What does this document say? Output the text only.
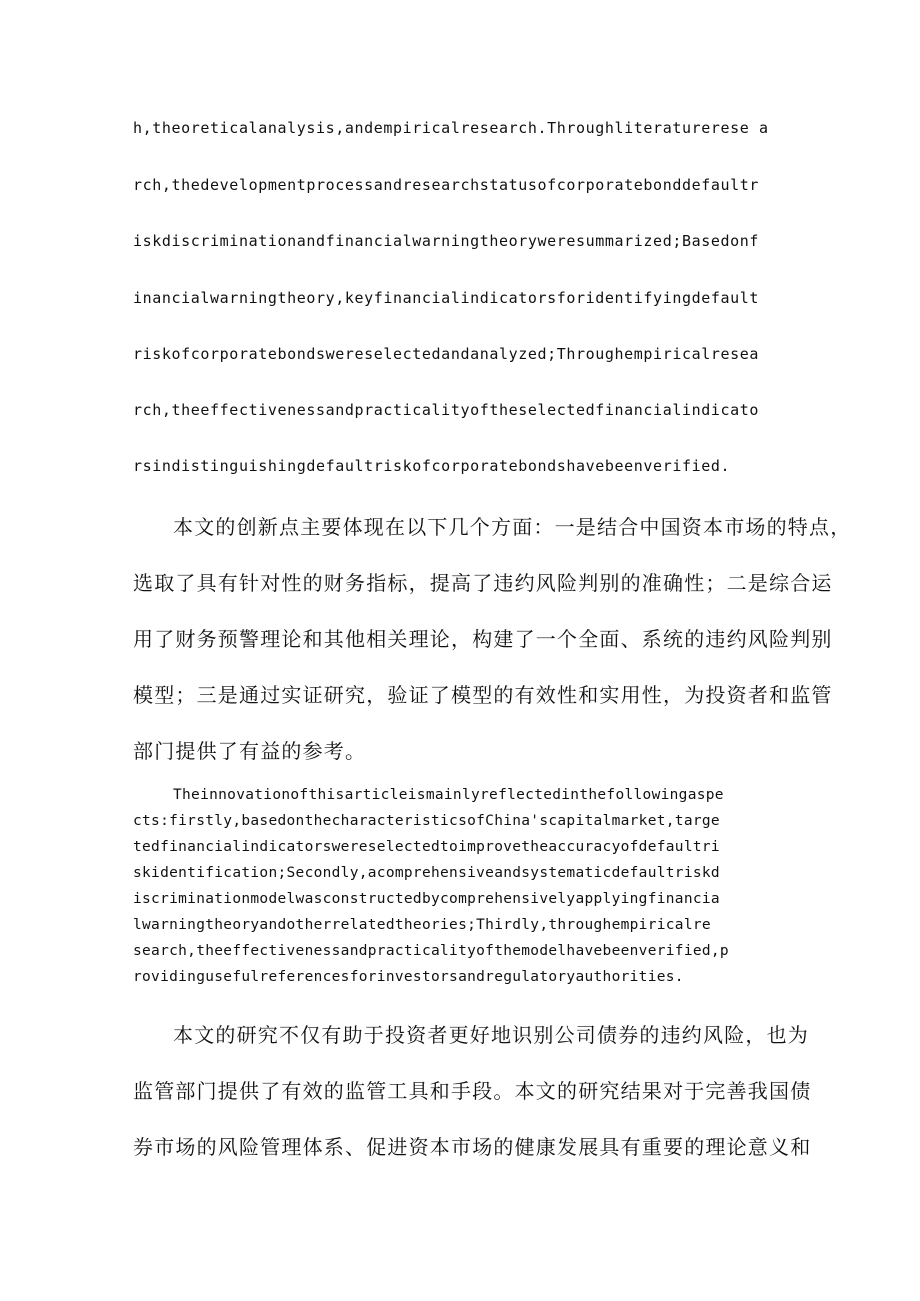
h,theoreticalanalysis,andempiricalresearch.Throughliteraturerese a
rch,thedevelopmentprocessandresearchstatusofcorporatebonddefaultr
iskdiscriminationandfinancialwarningtheoryweresummarized;Basedonf
inancialwarningtheory,keyfinancialindicatorsforidentifyingdefault
riskofcorporatebondswereselectedandanalyzed;Throughempiricalresea
rch,theeffectivenessandpracticalityoftheselectedfinancialindicato
rsindistinguishingdefaultriskofcorporatebondshavebeenverified.
本文的创新点主要体现在以下几个方面：一是结合中国资本市场的特点，
选取了具有针对性的财务指标，提高了违约风险判别的准确性；二是综合运
用了财务预警理论和其他相关理论，构建了一个全面、系统的违约风险判别
模型；三是通过实证研究，验证了模型的有效性和实用性，为投资者和监管
部门提供了有益的参考。
Theinnovationofthisarticleismainlyreflectedinthefollowingaspe
cts:firstly,basedonthecharacteristicsofChina'scapitalmarket,targe
tedfinancialindicatorswereselectedtoimprovetheaccuracyofdefaultri
skidentification;Secondly,acomprehensiveandsystematicdefaultriskd
iscriminationmodelwasconstructedbycomprehensivelyapplyingfinancia
lwarningtheoryandotherrelatedtheories;Thirdly,throughempiricalre
search,theeffectivenessandpracticalityofthemodelhavebeenverified,p
rovidingusefulreferencesforinvestorsandregulatoryauthorities.
本文的研究不仅有助于投资者更好地识别公司债券的违约风险，也为
监管部门提供了有效的监管工具和手段。本文的研究结果对于完善我国债
券市场的风险管理体系、促进资本市场的健康发展具有重要的理论意义和
